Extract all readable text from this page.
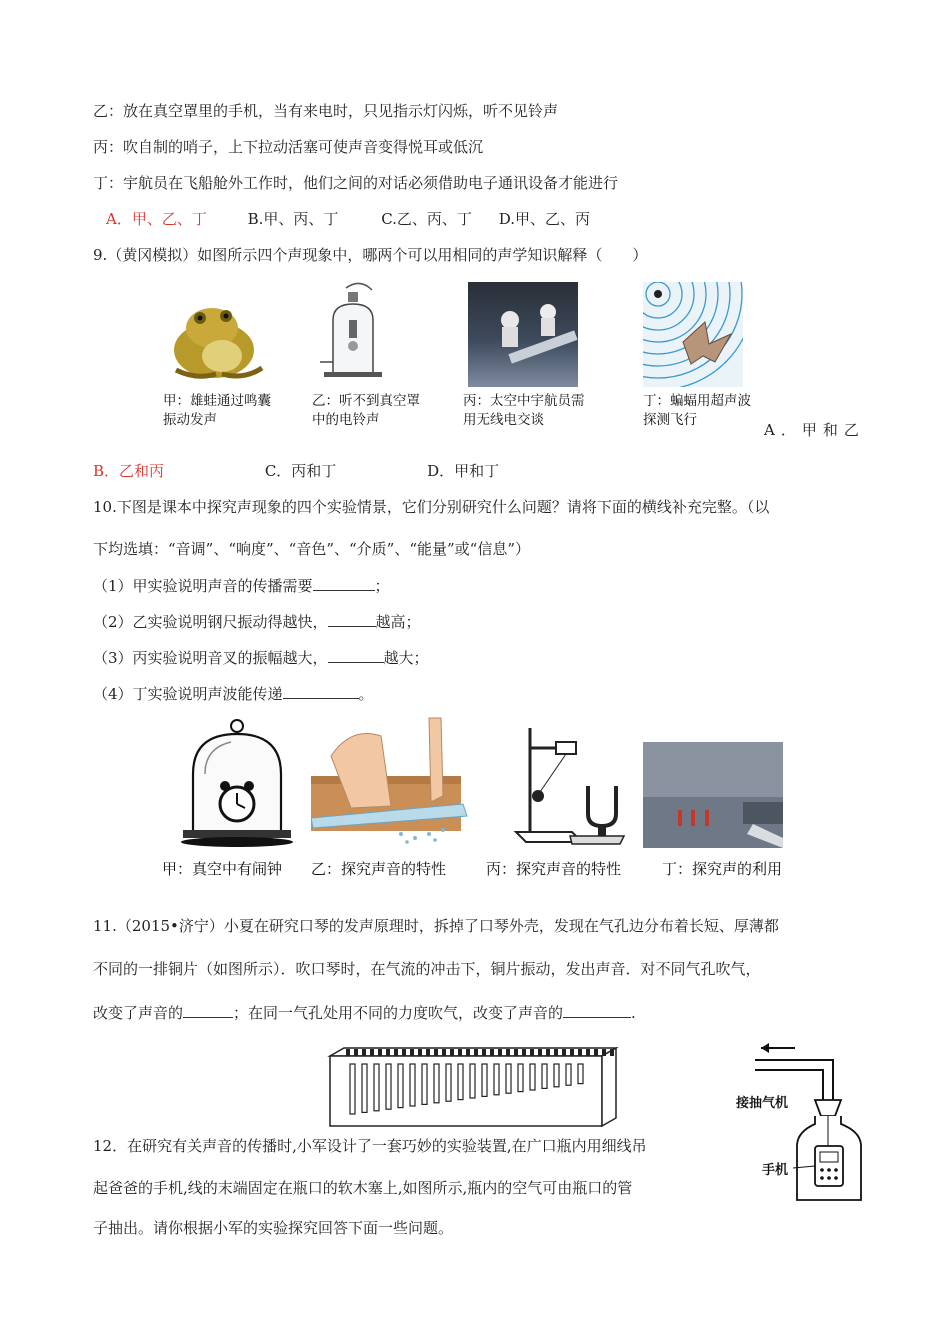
乙：放在真空罩里的手机，当有来电时，只见指示灯闪烁，听不见铃声
丙：吹自制的哨子，上下拉动活塞可使声音变得悦耳或低沉
丁：宇航员在飞船舱外工作时，他们之间的对话必须借助电子通讯设备才能进行
A．甲、乙、丁	B.甲、丙、丁	C.乙、丙、丁 D.甲、乙、丙
9.（黄冈模拟）如图所示四个声现象中，哪两个可以用相同的声学知识解释（　　）
甲：雄蛙通过鸣囊振动发声
乙：听不到真空罩中的电铃声
丙：太空中宇航员需用无线电交谈
丁：蝙蝠用超声波探测飞行
A．甲和乙
B．乙和丙	C．丙和丁	D．甲和丁
10.下图是课本中探究声现象的四个实验情景，它们分别研究什么问题？请将下面的横线补充完整。（以
下均选填：“音调”、“响度”、“音色”、“介质”、“能量”或“信息”）
（1）甲实验说明声音的传播需要	；
（2）乙实验说明钢尺振动得越快，	越高；
（3）丙实验说明音叉的振幅越大，	越大；
（4）丁实验说明声波能传递	。
甲：真空中有闹钟 乙：探究声音的特性	丙：探究声音的特性	丁：探究声的利用
11.（2015•济宁）小夏在研究口琴的发声原理时，拆掉了口琴外壳，发现在气孔边分布着长短、厚薄都
不同的一排铜片（如图所示）．吹口琴时，在气流的冲击下，铜片振动，发出声音．对不同气孔吹气，
改变了声音的	；在同一气孔处用不同的力度吹气，改变了声音的	.
接抽气机
手机
12．在研究有关声音的传播时,小军设计了一套巧妙的实验装置,在广口瓶内用细线吊
起爸爸的手机,线的末端固定在瓶口的软木塞上,如图所示,瓶内的空气可由瓶口的管
子抽出。请你根据小军的实验探究回答下面一些问题。
